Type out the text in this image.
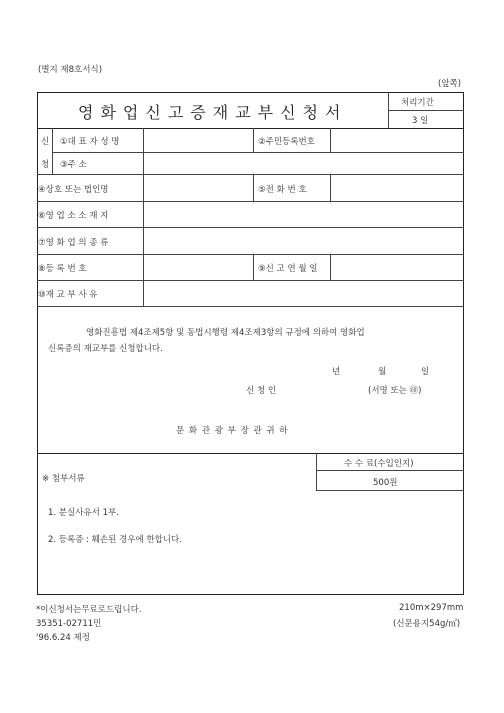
(별지 제8호서식)
(앞쪽)
영화업신고증재교부신청서	처리기간
3 일
신 ①대 표 자 성 명	②주민등록번호
청 ③주 소
④상호 또는 법인명	⑤전 화 번 호
⑥영 업 소 소 재 지
⑦영 화 업 의 종 류
⑧등 록 번 호	⑨신 고 연 월 일
⑩재 교 부 사 유
영화진흥법 제4조제5항 및 동법시행령 제4조제3항의 규정에 의하여 영화업
신록증의 재교부를 신청합니다.
년	월	일
신 청 인	(서명 또는 ㊞)
문 화 관 광 부 장 관 귀 하
※ 첨부서류
수 수 료(수입인지)
500원
1. 분실사유서 1부.
2. 등록증 : 훼손된 경우에 한합니다.
*이신청서는무료로드립니다.
35351-02711민
'96.6.24 제정
210m×297mm
(신문용지54g/㎡)
